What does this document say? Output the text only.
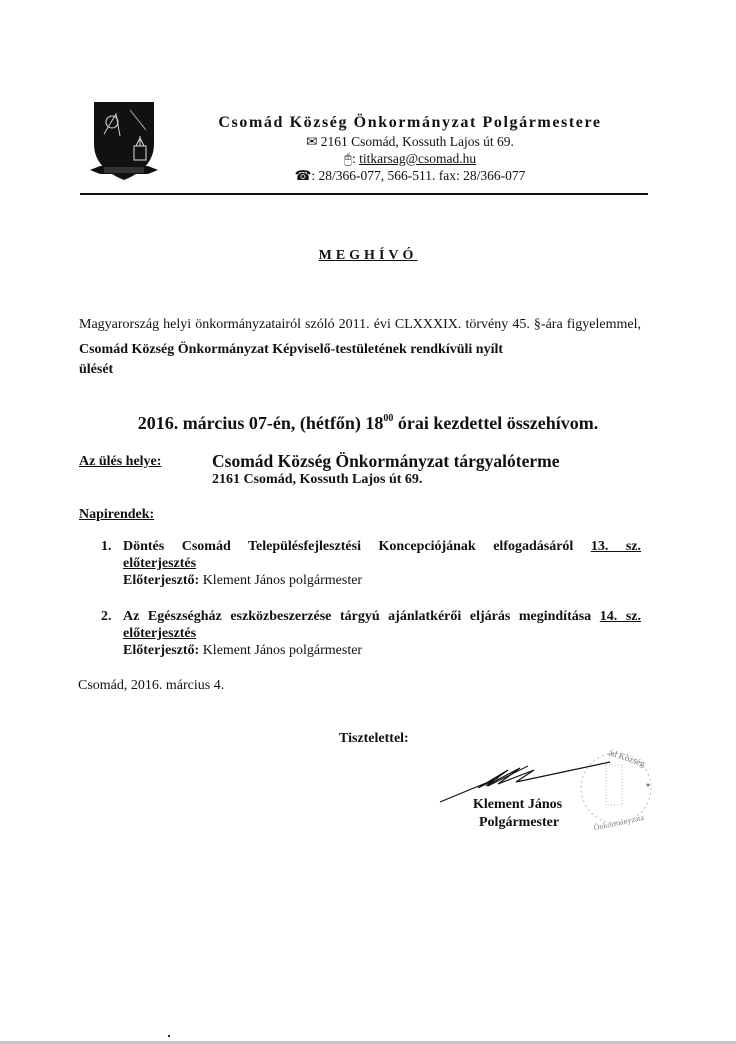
Csomád Község Önkormányzat Polgármestere
✉ 2161 Csomád, Kossuth Lajos út 69.
🖰: titkarsag@csomad.hu
☎: 28/366-077, 566-511. fax: 28/366-077
MEGHÍVÓ
Magyarország helyi önkormányzatairól szóló 2011. évi CLXXXIX. törvény 45. §-ára figyelemmel, Csomád Község Önkormányzat Képviselő-testületének rendkívüli nyílt
ülését
2016. március 07-én, (hétfőn) $18^{00}$ órai kezdettel összehívom.
Az ülés helye:	Csomád Község Önkormányzat tárgyalóterme
2161 Csomád, Kossuth Lajos út 69.
Napirendek:
1. Döntés Csomád Településfejlesztési Koncepciójának elfogadásáról 13. sz.
előterjesztés
Előterjesztő: Klement János polgármester
2. Az Egészségház eszközbeszerzése tárgyú ajánlatkérői eljárás megindítása 14. sz.
előterjesztés
Előterjesztő: Klement János polgármester
Csomád, 2016. március 4.
Tisztelettel:
ád Község
Önkormányzata
Klement János
Polgármester
